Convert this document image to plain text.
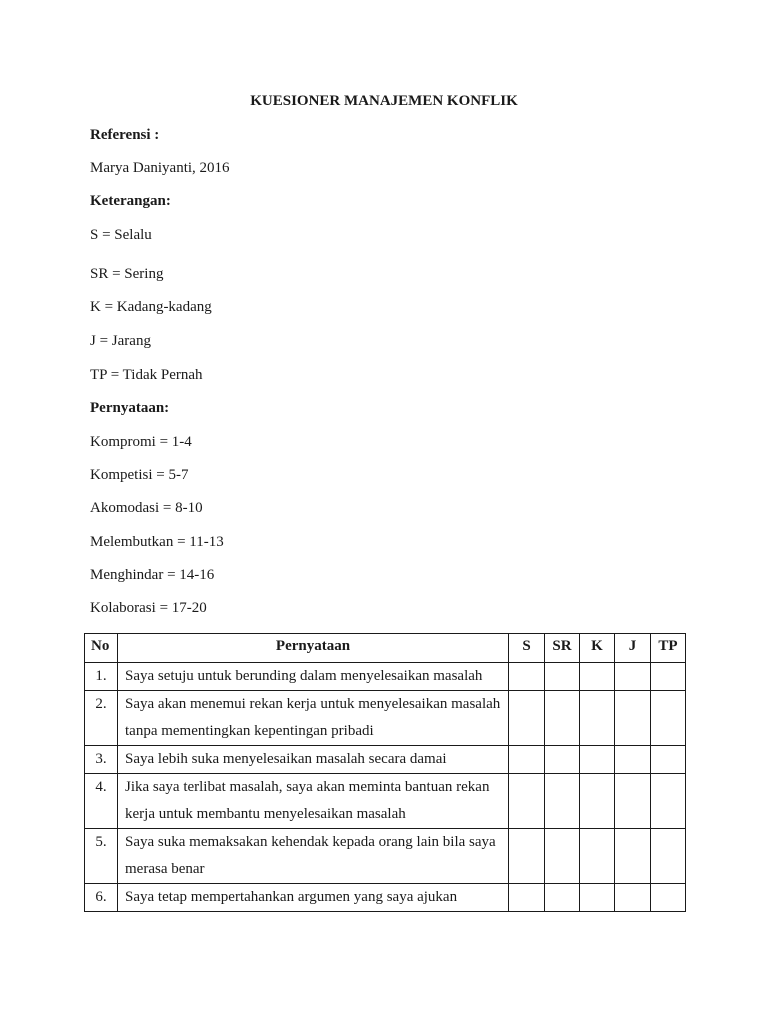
KUESIONER MANAJEMEN KONFLIK
Referensi :
Marya Daniyanti, 2016
Keterangan:
S = Selalu
SR = Sering
K = Kadang-kadang
J = Jarang
TP = Tidak Pernah
Pernyataan:
Kompromi = 1-4
Kompetisi = 5-7
Akomodasi = 8-10
Melembutkan = 11-13
Menghindar = 14-16
Kolaborasi = 17-20
No	Pernyataan	S	SR	K	J	TP
1.	Saya setuju untuk berunding dalam menyelesaikan masalah					
2.	Saya akan menemui rekan kerja untuk menyelesaikan masalah tanpa mementingkan kepentingan pribadi					
3.	Saya lebih suka menyelesaikan masalah secara damai					
4.	Jika saya terlibat masalah, saya akan meminta bantuan rekan kerja untuk membantu menyelesaikan masalah					
5.	Saya suka memaksakan kehendak kepada orang lain bila saya merasa benar					
6.	Saya tetap mempertahankan argumen yang saya ajukan					
